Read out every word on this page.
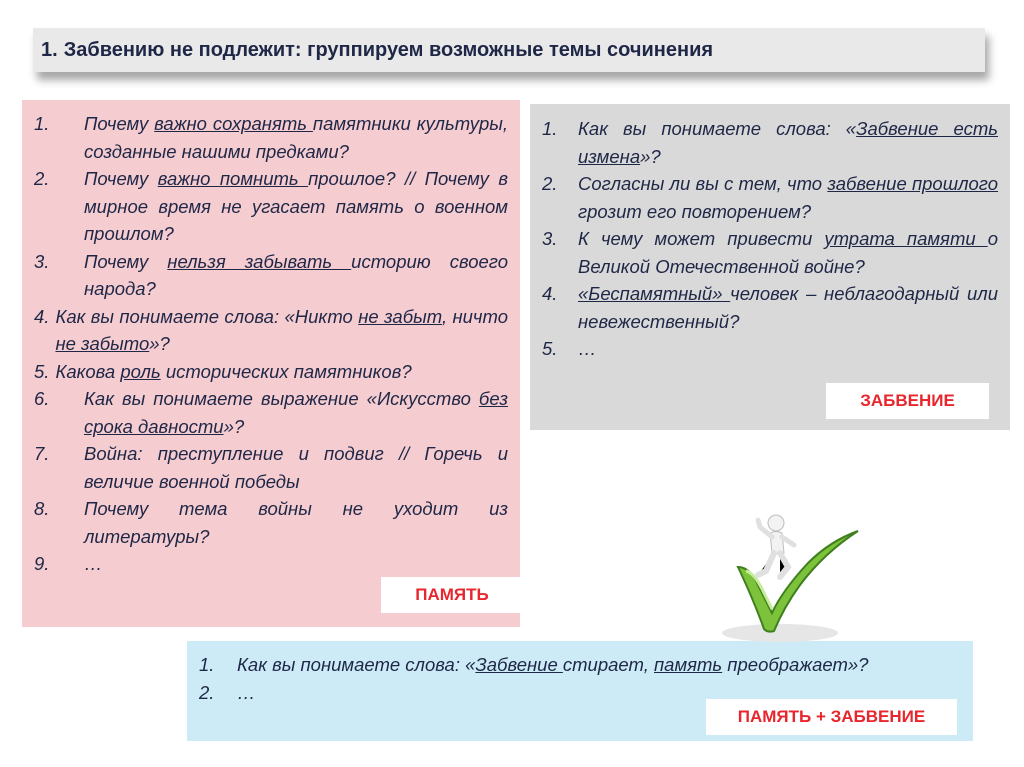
1. Забвению не подлежит: группируем возможные темы сочинения
1.	Почему важно сохранять памятники культуры, созданные нашими предками?
2.	Почему важно помнить прошлое? // Почему в мирное время не угасает память о военном прошлом?
3.	Почему нельзя забывать историю своего народа?
4. Как вы понимаете слова: «Никто не забыт, ничто не забыто»?
5. Какова роль исторических памятников?
6.	Как вы понимаете выражение «Искусство без срока давности»?
7.	Война: преступление и подвиг // Горечь и величие военной победы
8.	Почему тема войны не уходит из литературы?
9.	…
ПАМЯТЬ
1.	Как вы понимаете слова: «Забвение есть измена»?
2.	Согласны ли вы с тем, что забвение прошлого грозит его повторением?
3.	К чему может привести утрата памяти о Великой Отечественной войне?
4.	«Беспамятный» человек – неблагодарный или невежественный?
5.	…
ЗАБВЕНИЕ
1.	Как вы понимаете слова: «Забвение стирает, память преображает»?
2.	…
ПАМЯТЬ + ЗАБВЕНИЕ
